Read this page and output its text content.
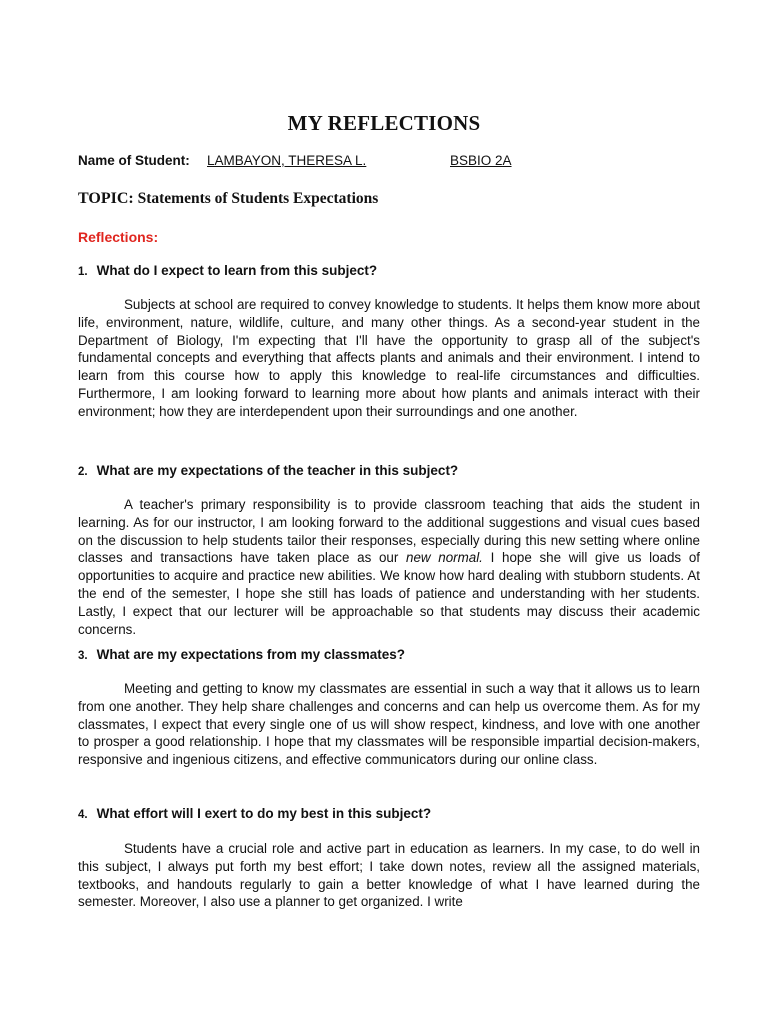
MY REFLECTIONS
Name of Student: LAMBAYON, THERESA L.	BSBIO 2A
TOPIC: Statements of Students Expectations
Reflections:
1. What do I expect to learn from this subject?

Subjects at school are required to convey knowledge to students. It helps them know more about life, environment, nature, wildlife, culture, and many other things. As a second-year student in the Department of Biology, I'm expecting that I'll have the opportunity to grasp all of the subject's fundamental concepts and everything that affects plants and animals and their environment. I intend to learn from this course how to apply this knowledge to real-life circumstances and difficulties. Furthermore, I am looking forward to learning more about how plants and animals interact with their environment; how they are interdependent upon their surroundings and one another.

2. What are my expectations of the teacher in this subject?

A teacher's primary responsibility is to provide classroom teaching that aids the student in learning. As for our instructor, I am looking forward to the additional suggestions and visual cues based on the discussion to help students tailor their responses, especially during this new setting where online classes and transactions have taken place as our new normal. I hope she will give us loads of opportunities to acquire and practice new abilities. We know how hard dealing with stubborn students. At the end of the semester, I hope she still has loads of patience and understanding with her students. Lastly, I expect that our lecturer will be approachable so that students may discuss their academic concerns.

3. What are my expectations from my classmates?

Meeting and getting to know my classmates are essential in such a way that it allows us to learn from one another. They help share challenges and concerns and can help us overcome them. As for my classmates, I expect that every single one of us will show respect, kindness, and love with one another to prosper a good relationship. I hope that my classmates will be responsible impartial decision-makers, responsive and ingenious citizens, and effective communicators during our online class.

4. What effort will I exert to do my best in this subject?

Students have a crucial role and active part in education as learners. In my case, to do well in this subject, I always put forth my best effort; I take down notes, review all the assigned materials, textbooks, and handouts regularly to gain a better knowledge of what I have learned during the semester. Moreover, I also use a planner to get organized. I write
